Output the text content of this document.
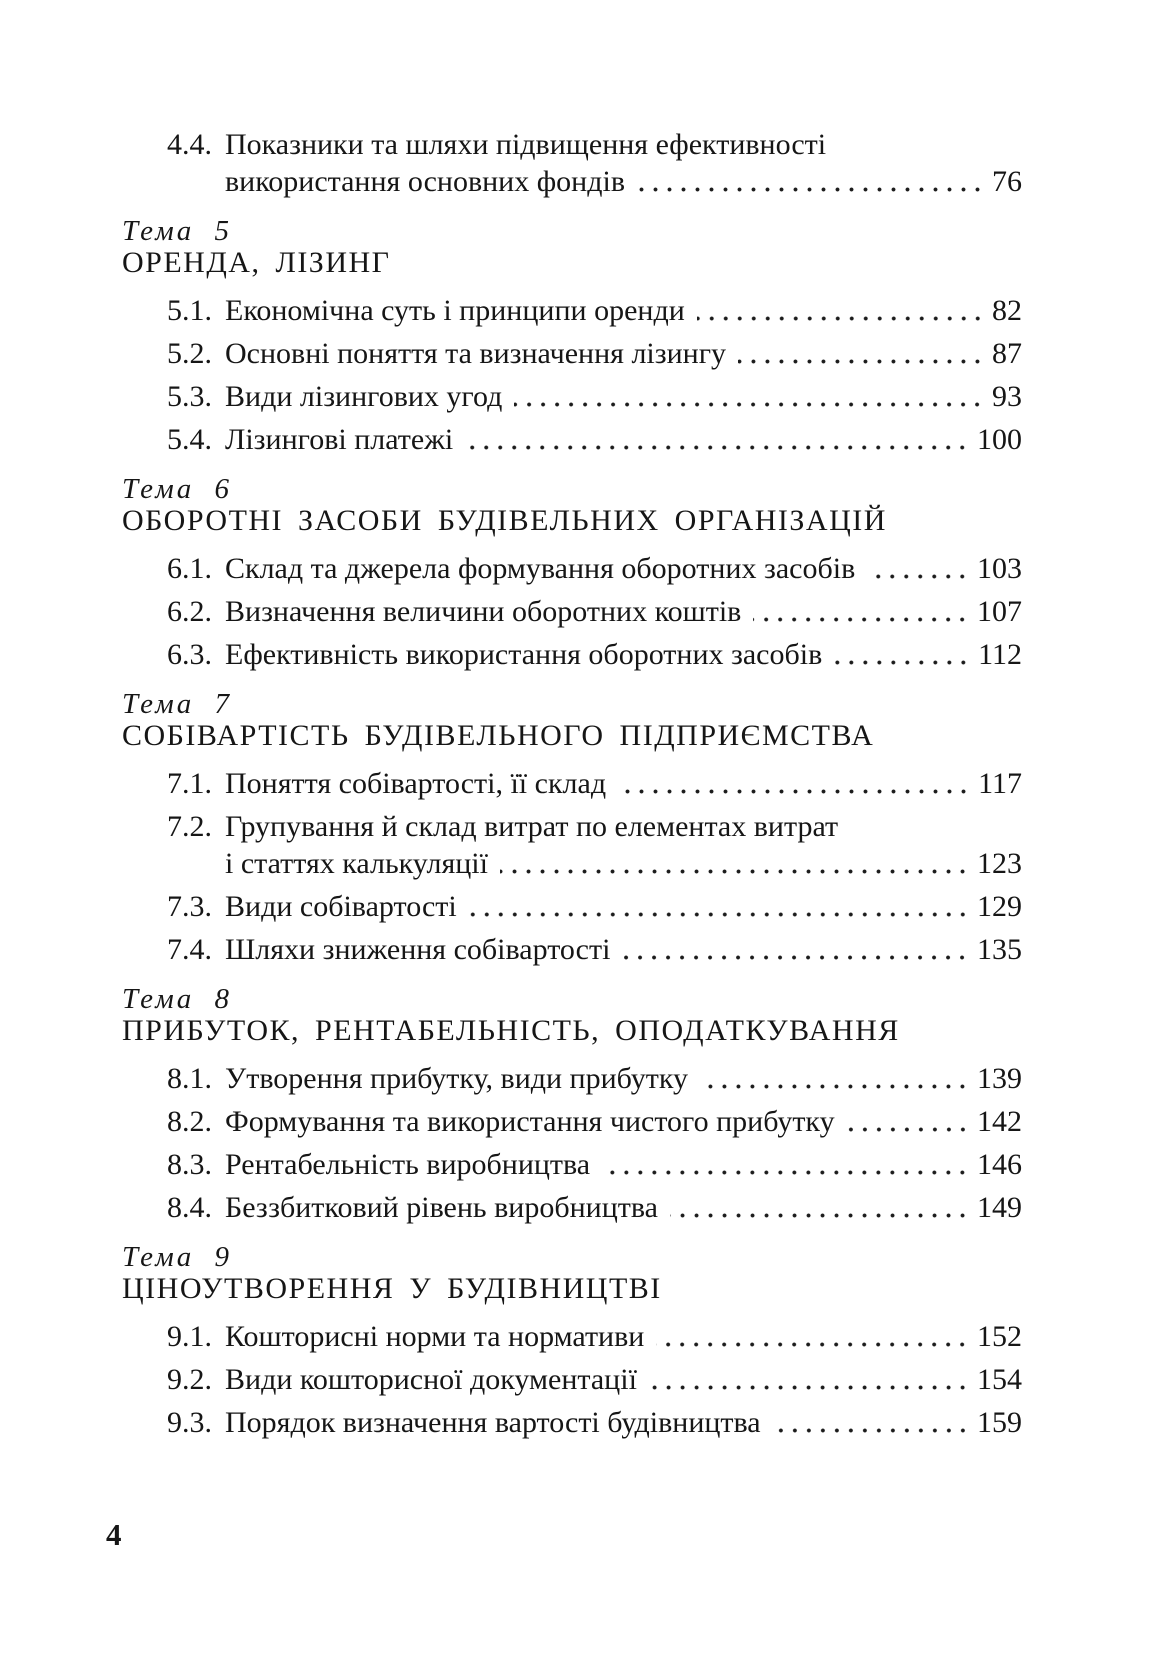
4.4. Показники та шляхи підвищення ефективності
використання основних фондів	76
Тема 5
ОРЕНДА, ЛІЗИНГ
5.1. Економічна суть і принципи оренди	82
5.2. Основні поняття та визначення лізингу	87
5.3. Види лізингових угод	93
5.4. Лізингові платежі	100
Тема 6
ОБОРОТНІ ЗАСОБИ БУДІВЕЛЬНИХ ОРГАНІЗАЦІЙ
6.1. Склад та джерела формування оборотних засобів	103
6.2. Визначення величини оборотних коштів	107
6.3. Ефективність використання оборотних засобів	112
Тема 7
СОБІВАРТІСТЬ БУДІВЕЛЬНОГО ПІДПРИЄМСТВА
7.1. Поняття собівартості, її склад	117
7.2. Групування й склад витрат по елементах витрат
і статтях калькуляції	123
7.3. Види собівартості	129
7.4. Шляхи зниження собівартості	135
Тема 8
ПРИБУТОК, РЕНТАБЕЛЬНІСТЬ, ОПОДАТКУВАННЯ
8.1. Утворення прибутку, види прибутку	139
8.2. Формування та використання чистого прибутку	142
8.3. Рентабельність виробництва	146
8.4. Беззбитковий рівень виробництва	149
Тема 9
ЦІНОУТВОРЕННЯ У БУДІВНИЦТВІ
9.1. Кошторисні норми та нормативи	152
9.2. Види кошторисної документації	154
9.3. Порядок визначення вартості будівництва	159
4
